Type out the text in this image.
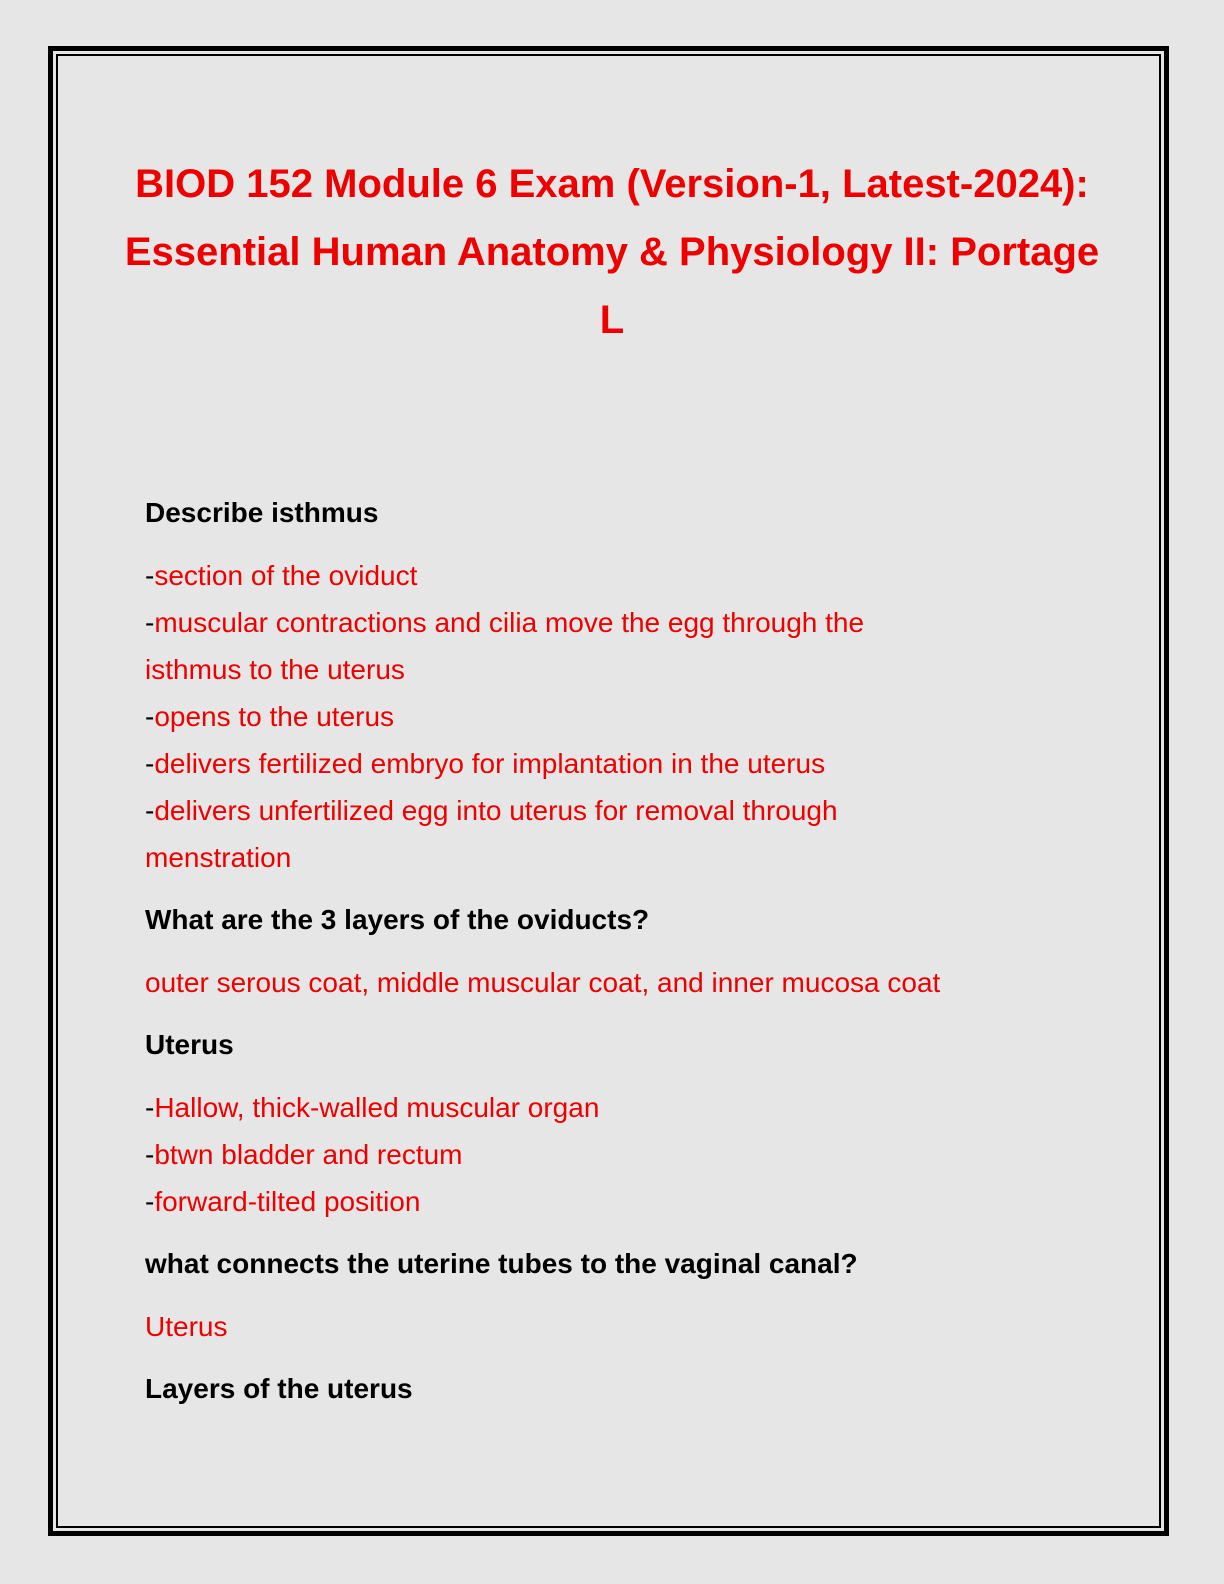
BIOD 152 Module 6 Exam (Version-1, Latest-2024): Essential Human Anatomy & Physiology II: Portage L

Describe isthmus

-section of the oviduct
-muscular contractions and cilia move the egg through the
isthmus to the uterus
-opens to the uterus
-delivers fertilized embryo for implantation in the uterus
-delivers unfertilized egg into uterus for removal through
menstration

What are the 3 layers of the oviducts?

outer serous coat, middle muscular coat, and inner mucosa coat

Uterus

-Hallow, thick-walled muscular organ
-btwn bladder and rectum
-forward-tilted position

what connects the uterine tubes to the vaginal canal?

Uterus

Layers of the uterus
